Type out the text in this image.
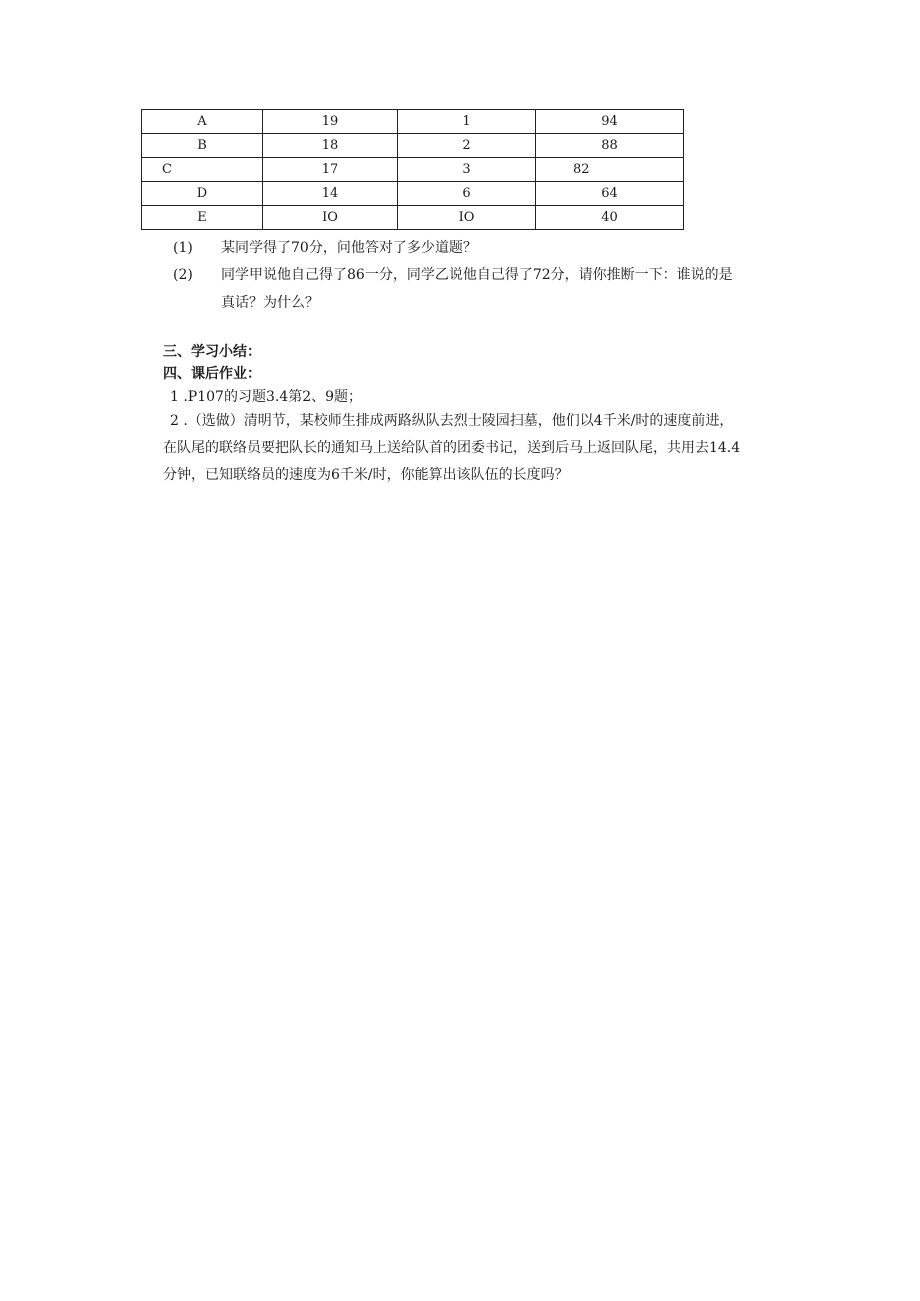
A	19	1	94
B	18	2	88
C	17	3	82
D	14	6	64
E	IO	IO	40
(1) 某同学得了70分，问他答对了多少道题？
(2) 同学甲说他自己得了86一分，同学乙说他自己得了72分，请你推断一下：谁说的是
真话？为什么？
三、学习小结：
四、课后作业：
1 .P107的习题3.4第2、9题；
2 .（选做）清明节，某校师生排成两路纵队去烈士陵园扫墓，他们以4千米/时的速度前进，
在队尾的联络员要把队长的通知马上送给队首的团委书记，送到后马上返回队尾，共用去14.4
分钟，已知联络员的速度为6千米/时，你能算出该队伍的长度吗？
